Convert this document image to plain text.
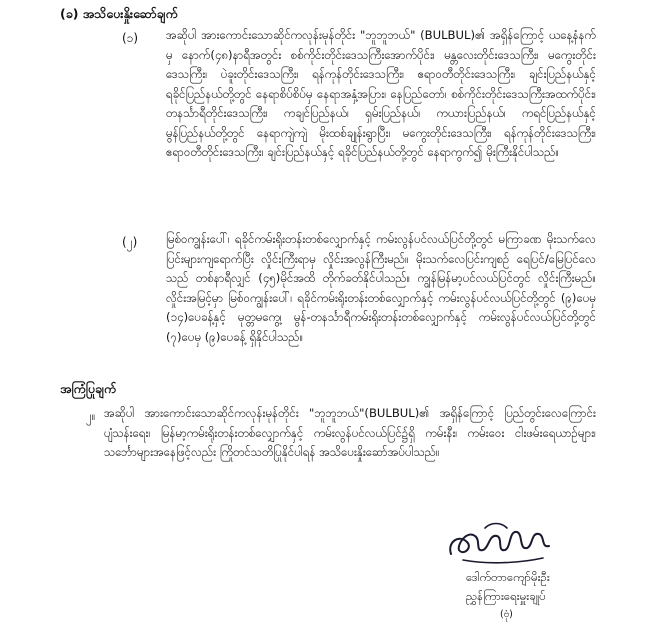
(ခ) အသိပေးနှိုးဆော်ချက်
(၁) အဆိုပါ အားကောင်းသောဆိုင်ကလုန်းမုန်တိုင်း "ဘူဘူဘယ်" (BULBUL)၏ အရှိန်ကြောင့် ယနေ့နံနက်မှ နောက်(၄၈)နာရီအတွင်း စစ်ကိုင်းတိုင်းဒေသကြီးအောက်ပိုင်း၊ မန္တလေးတိုင်းဒေသကြီး၊ မကွေးတိုင်းဒေသကြီး၊ ပဲခူးတိုင်းဒေသကြီး၊ ရန်ကုန်တိုင်းဒေသကြီး၊ ဧရာဝတီတိုင်းဒေသကြီး၊ ချင်းပြည်နယ်နှင့် ရခိုင်ပြည်နယ်တို့တွင် နေရာစိပ်စိပ်မှ နေရာအနှံ့အပြား၊ နေပြည်တော်၊ စစ်ကိုင်းတိုင်းဒေသကြီးအထက်ပိုင်း၊ တနင်္သာရီတိုင်းဒေသကြီး၊ ကချင်ပြည်နယ်၊ ရှမ်းပြည်နယ်၊ ကယားပြည်နယ်၊ ကရင်ပြည်နယ်နှင့် မွန်ပြည်နယ်တို့တွင် နေရာကျဲကျဲ မိုးထစ်ချုန်းရွာပြီး၊ မကွေးတိုင်းဒေသကြီး၊ ရန်ကုန်တိုင်းဒေသကြီး၊ ဧရာဝတီတိုင်းဒေသကြီး၊ ချင်းပြည်နယ်နှင့် ရခိုင်ပြည်နယ်တို့တွင် နေရာကွက်၍ မိုးကြီးနိုင်ပါသည်။
(၂) မြစ်ဝကျွန်းပေါ်၊ ရခိုင်ကမ်းရိုးတန်းတစ်လျှောက်နှင့် ကမ်းလွန်ပင်လယ်ပြင်တို့တွင် မကြာခဏ မိုးသက်လေပြင်းများကျရောက်ပြီး လှိုင်းကြီးရာမှ လှိုင်းအလွန်ကြီးမည်။ မိုးသက်လေပြင်းကျစဉ် ရေပြင်/မြေပြင်လေသည် တစ်နာရီလျှင် (၄၅)မိုင်အထိ တိုက်ခတ်နိုင်ပါသည်။ ကျွန်မြန်မာ့ပင်လယ်ပြင်တွင် လှိုင်းကြီးမည်။ လှိုင်းအမြင့်မှာ မြစ်ဝကျွန်းပေါ်၊ ရခိုင်ကမ်းရိုးတန်းတစ်လျှောက်နှင့် ကမ်းလွန်ပင်လယ်ပြင်တို့တွင် (၉)ပေမှ (၁၄)ပေခန့်နှင့် မုတ္တမကွေ့၊ မွန်-တနင်္သာရီကမ်းရိုးတန်းတစ်လျှောက်နှင့် ကမ်းလွန်ပင်လယ်ပြင်တို့တွင် (၇)ပေမှ (၉)ပေခန့် ရှိနိုင်ပါသည်။
အကြံပြုချက်
၂။ အဆိုပါ အားကောင်းသောဆိုင်ကလုန်းမုန်တိုင်း "ဘူဘူဘယ်"(BULBUL)၏ အရှိန်ကြောင့် ပြည်တွင်းလေကြောင်း ပျံသန်းရေး၊ မြန်မာ့ကမ်းရိုးတန်းတစ်လျှောက်နှင့် ကမ်းလွန်ပင်လယ်ပြင်၌ရှိ ကမ်းနီး၊ ကမ်းဝေး ငါးဖမ်းရေယာဉ်များ၊ သင်္ဘောများအနေဖြင့်လည်း ကြိုတင်သတိပြုနိုင်ပါရန် အသိပေးနှိုးဆော်အပ်ပါသည်။
ဒေါက်တာကျော်မိုးဦး
ညွှန်ကြားရေးမှူးချုပ်
(ဗုံ)
